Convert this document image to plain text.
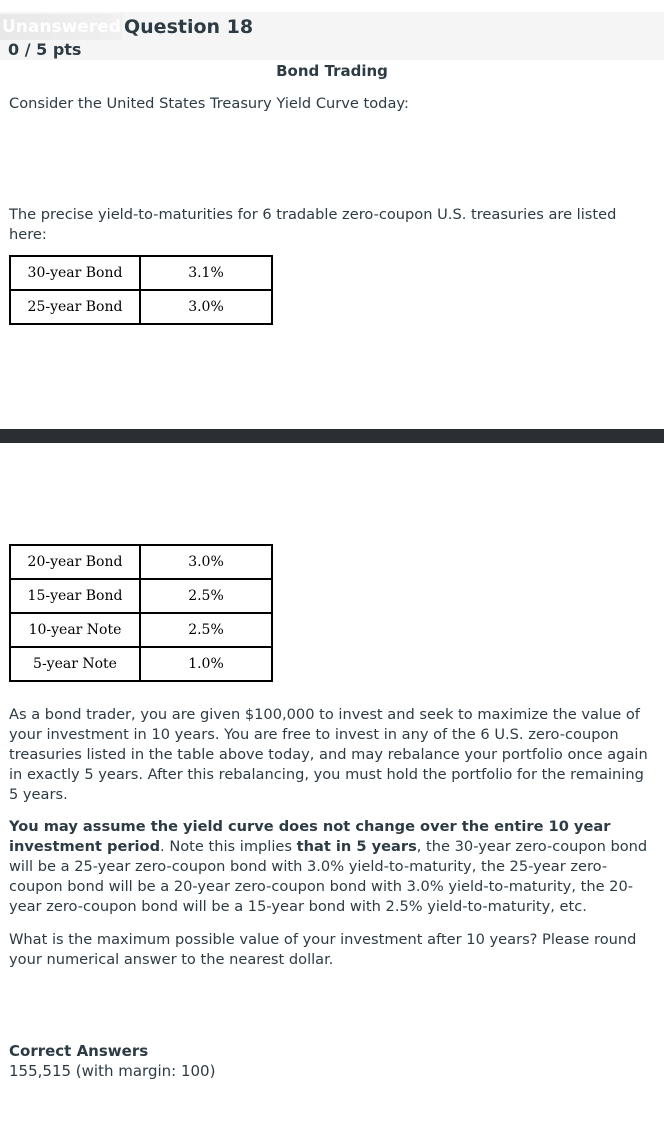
Unanswered Question 18
0 / 5 pts
Bond Trading

Consider the United States Treasury Yield Curve today:

The precise yield-to-maturities for 6 tradable zero-coupon U.S. treasuries are listed here:

30-year Bond	3.1%
25-year Bond	3.0%
20-year Bond	3.0%
15-year Bond	2.5%
10-year Note	2.5%
5-year Note	1.0%

As a bond trader, you are given $100,000 to invest and seek to maximize the value of your investment in 10 years. You are free to invest in any of the 6 U.S. zero-coupon treasuries listed in the table above today, and may rebalance your portfolio once again in exactly 5 years. After this rebalancing, you must hold the portfolio for the remaining 5 years.

You may assume the yield curve does not change over the entire 10 year investment period. Note this implies that in 5 years, the 30-year zero-coupon bond will be a 25-year zero-coupon bond with 3.0% yield-to-maturity, the 25-year zero-coupon bond will be a 20-year zero-coupon bond with 3.0% yield-to-maturity, the 20-year zero-coupon bond will be a 15-year bond with 2.5% yield-to-maturity, etc.

What is the maximum possible value of your investment after 10 years? Please round your numerical answer to the nearest dollar.

Correct Answers
155,515 (with margin: 100)
